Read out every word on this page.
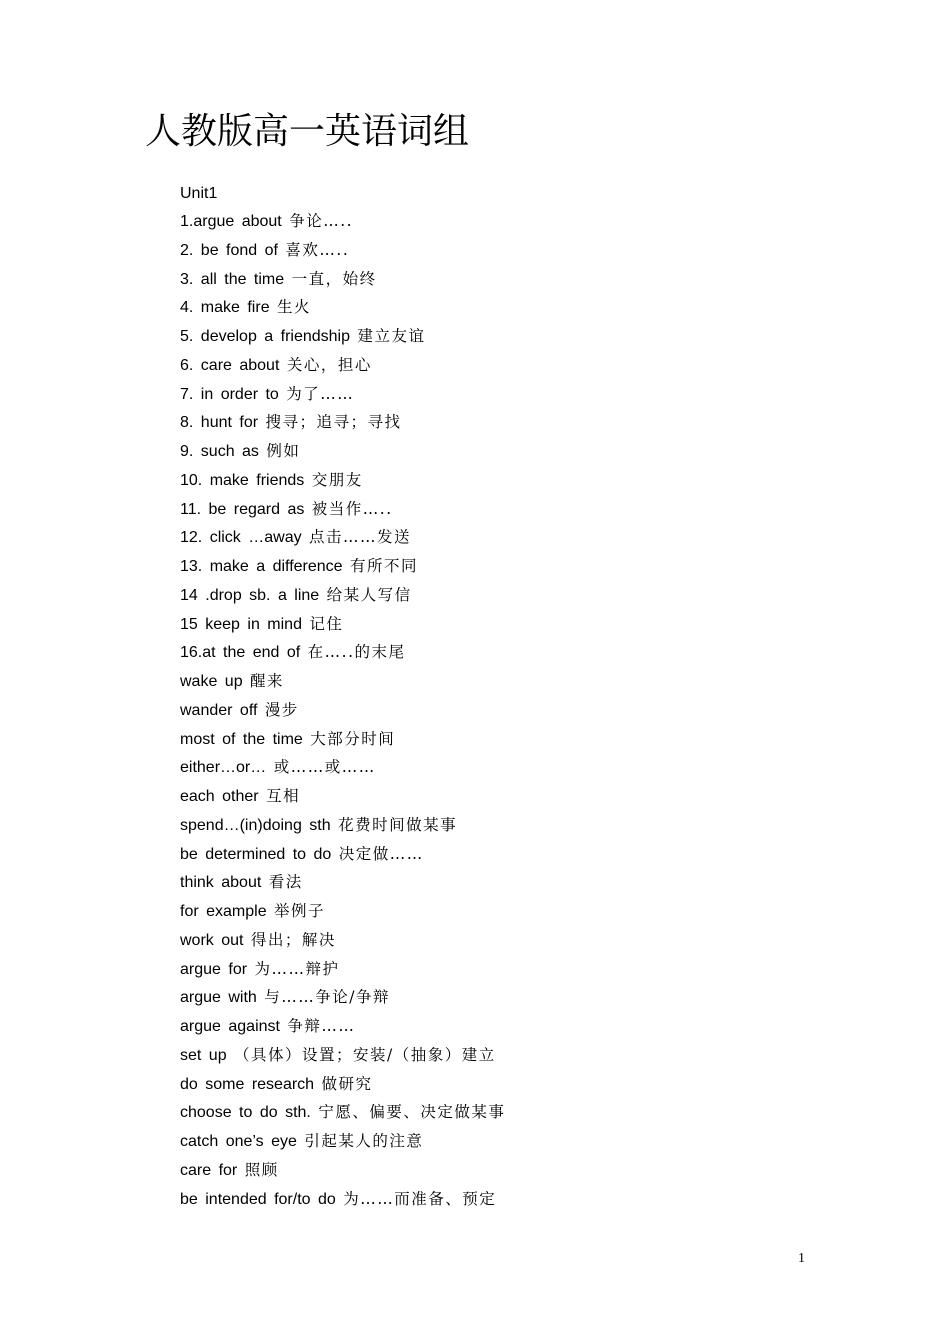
人教版高一英语词组
Unit1
1.argue about 争论…..
2. be fond of 喜欢…..
3. all the time 一直，始终
4. make fire 生火
5. develop a friendship 建立友谊
6. care about 关心，担心
7. in order to 为了……
8. hunt for 搜寻；追寻；寻找
9. such as 例如
10. make friends 交朋友
11. be regard as 被当作…..
12. click …away 点击……发送
13. make a difference 有所不同
14 .drop sb. a line 给某人写信
15 keep in mind 记住
16.at the end of 在…..的末尾
wake up 醒来
wander off 漫步
most of the time 大部分时间
either…or… 或……或……
each other 互相
spend…(in)doing sth 花费时间做某事
be determined to do 决定做……
think about 看法
for example 举例子
work out 得出；解决
argue for 为……辩护
argue with 与……争论/争辩
argue against 争辩……
set up （具体）设置；安装/（抽象）建立
do some research 做研究
choose to do sth. 宁愿、偏要、决定做某事
catch one’s eye 引起某人的注意
care for 照顾
be intended for/to do 为……而准备、预定
1
